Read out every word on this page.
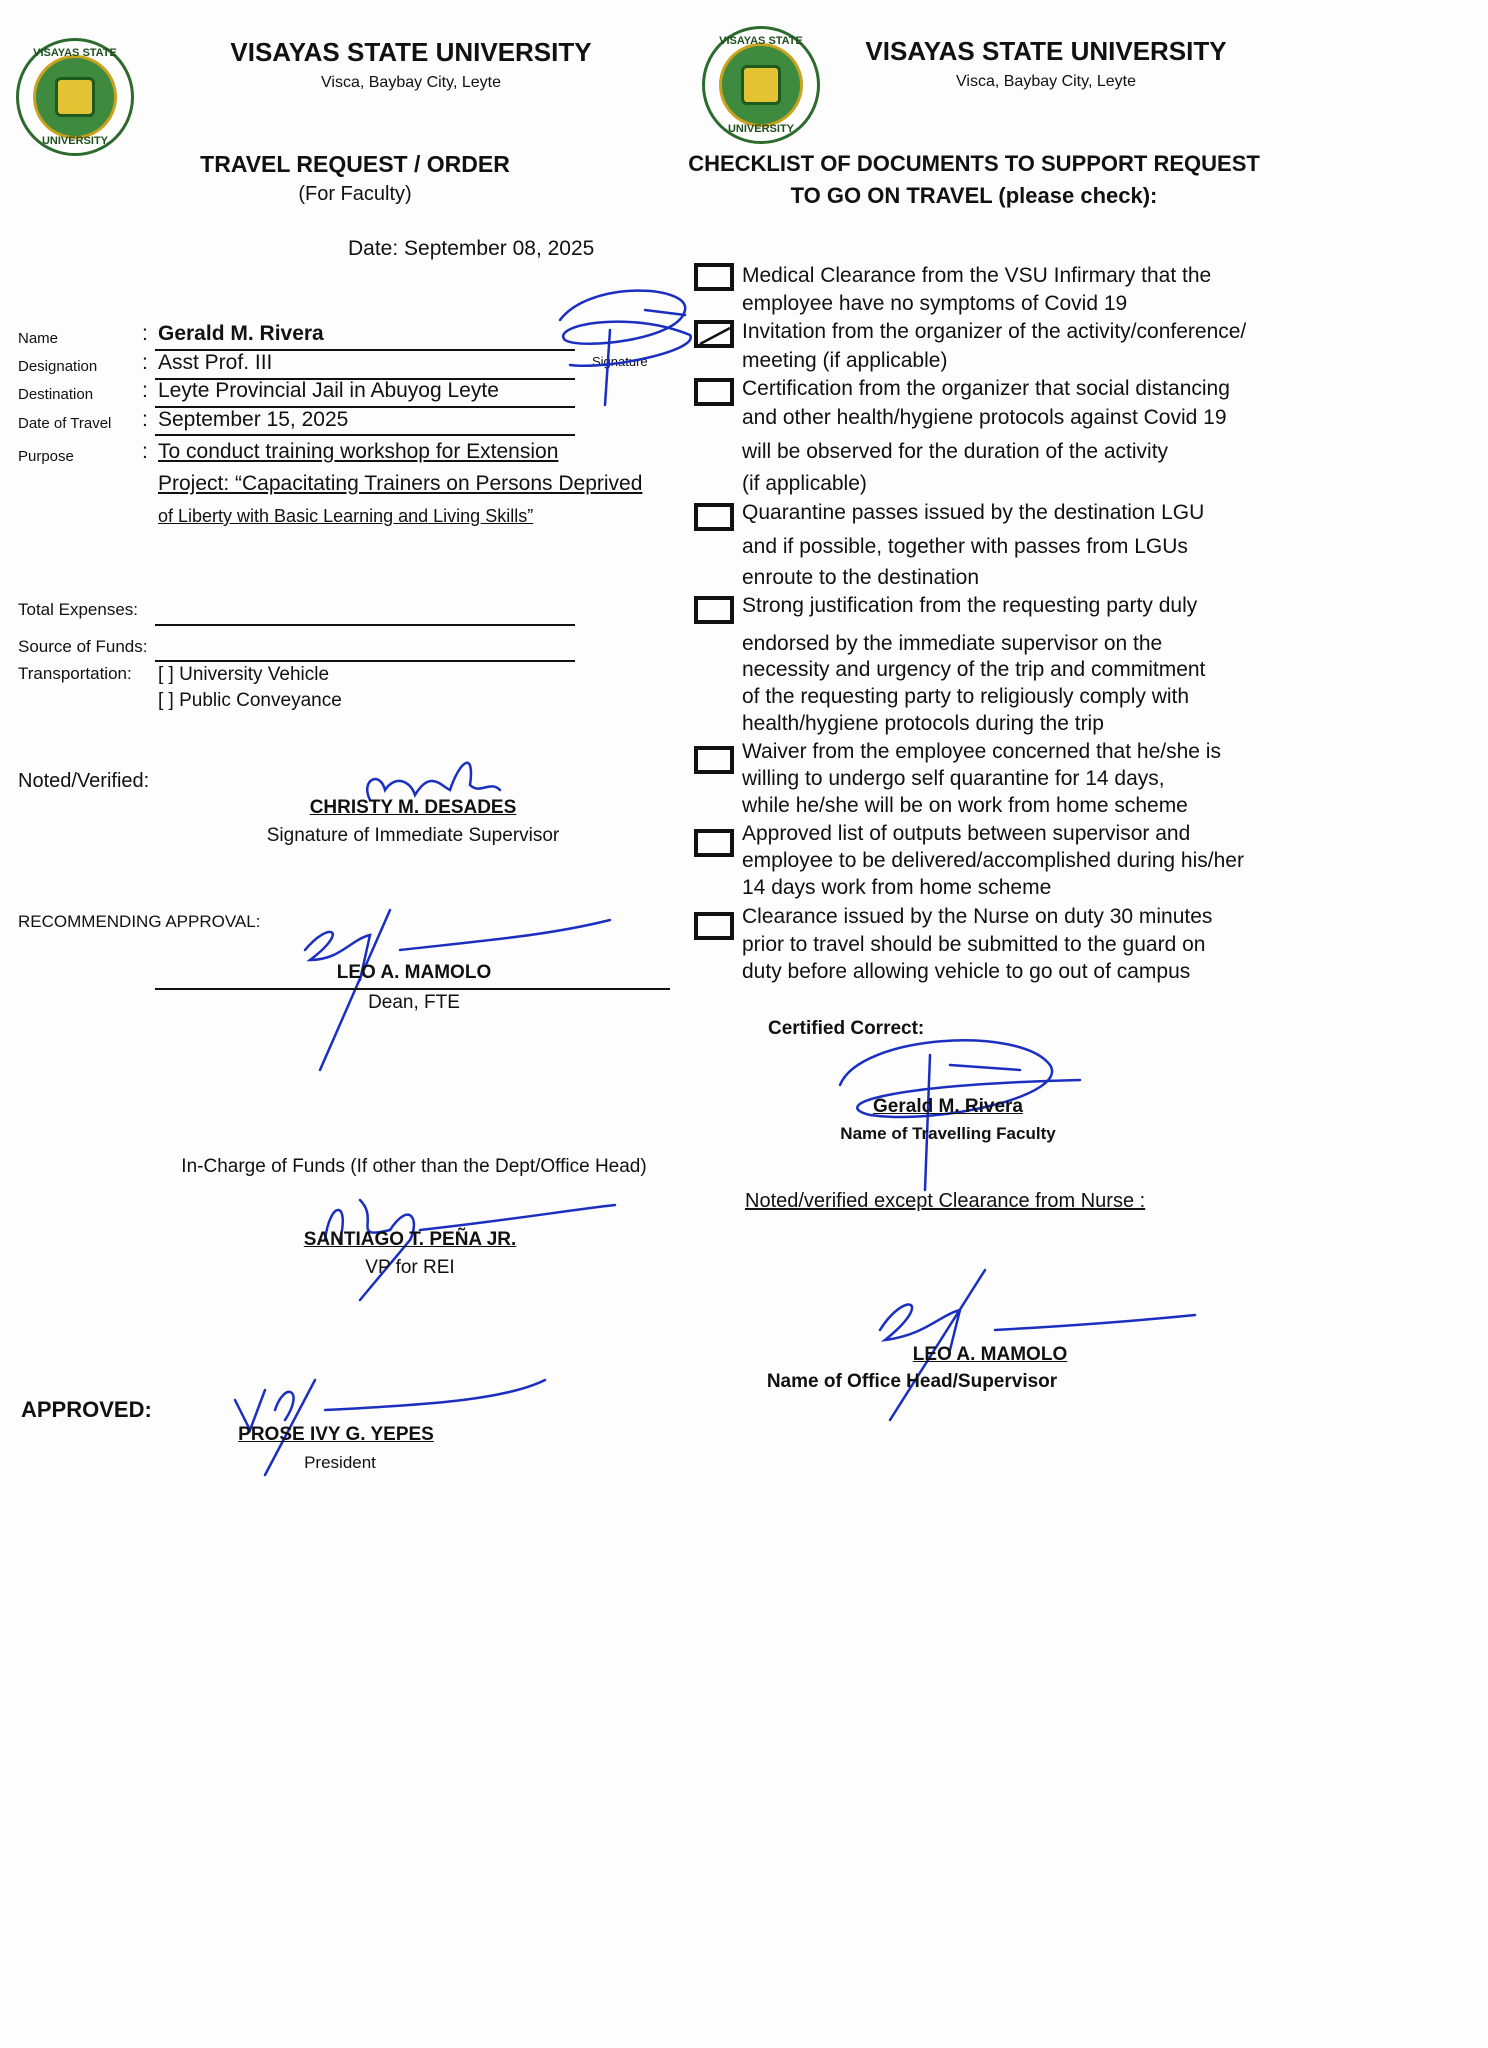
VISAYAS STATE
UNIVERSITY
VISAYAS STATE UNIVERSITY
Visca, Baybay City, Leyte
VISAYAS STATE
UNIVERSITY
VISAYAS STATE UNIVERSITY
Visca, Baybay City, Leyte
TRAVEL REQUEST / ORDER
(For Faculty)
Date: September 08, 2025
CHECKLIST OF DOCUMENTS TO SUPPORT REQUEST
TO GO ON TRAVEL (please check):
Name	: Gerald M. Rivera
Designation : Asst Prof. III
Destination : Leyte Provincial Jail in Abuyog Leyte
Date of Travel : September 15, 2025
Purpose	: To conduct training workshop for Extension
Project: “Capacitating Trainers on Persons Deprived
of Liberty with Basic Learning and Living Skills”
Signature
Total Expenses:
Source of Funds:
Transportation: [ ] University Vehicle
[ ] Public Conveyance
Noted/Verified:
CHRISTY M. DESADES
Signature of Immediate Supervisor
RECOMMENDING APPROVAL:
LEO A. MAMOLO
Dean, FTE
In-Charge of Funds (If other than the Dept/Office Head)
SANTIAGO T. PEÑA JR.
VP for REI
APPROVED:
PROSE IVY G. YEPES
President
Medical Clearance from the VSU Infirmary that the
employee have no symptoms of Covid 19
Invitation from the organizer of the activity/conference/
meeting (if applicable)
Certification from the organizer that social distancing
and other health/hygiene protocols against Covid 19
will be observed for the duration of the activity
(if applicable)
Quarantine passes issued by the destination LGU
and if possible, together with passes from LGUs
enroute to the destination
Strong justification from the requesting party duly
endorsed by the immediate supervisor on the
necessity and urgency of the trip and commitment
of the requesting party to religiously comply with
health/hygiene protocols during the trip
Waiver from the employee concerned that he/she is
willing to undergo self quarantine for 14 days,
while he/she will be on work from home scheme
Approved list of outputs between supervisor and
employee to be delivered/accomplished during his/her
14 days work from home scheme
Clearance issued by the Nurse on duty 30 minutes
prior to travel should be submitted to the guard on
duty before allowing vehicle to go out of campus
Certified Correct:
Gerald M. Rivera
Name of Travelling Faculty
Noted/verified except Clearance from Nurse :
LEO A. MAMOLO
Name of Office Head/Supervisor
